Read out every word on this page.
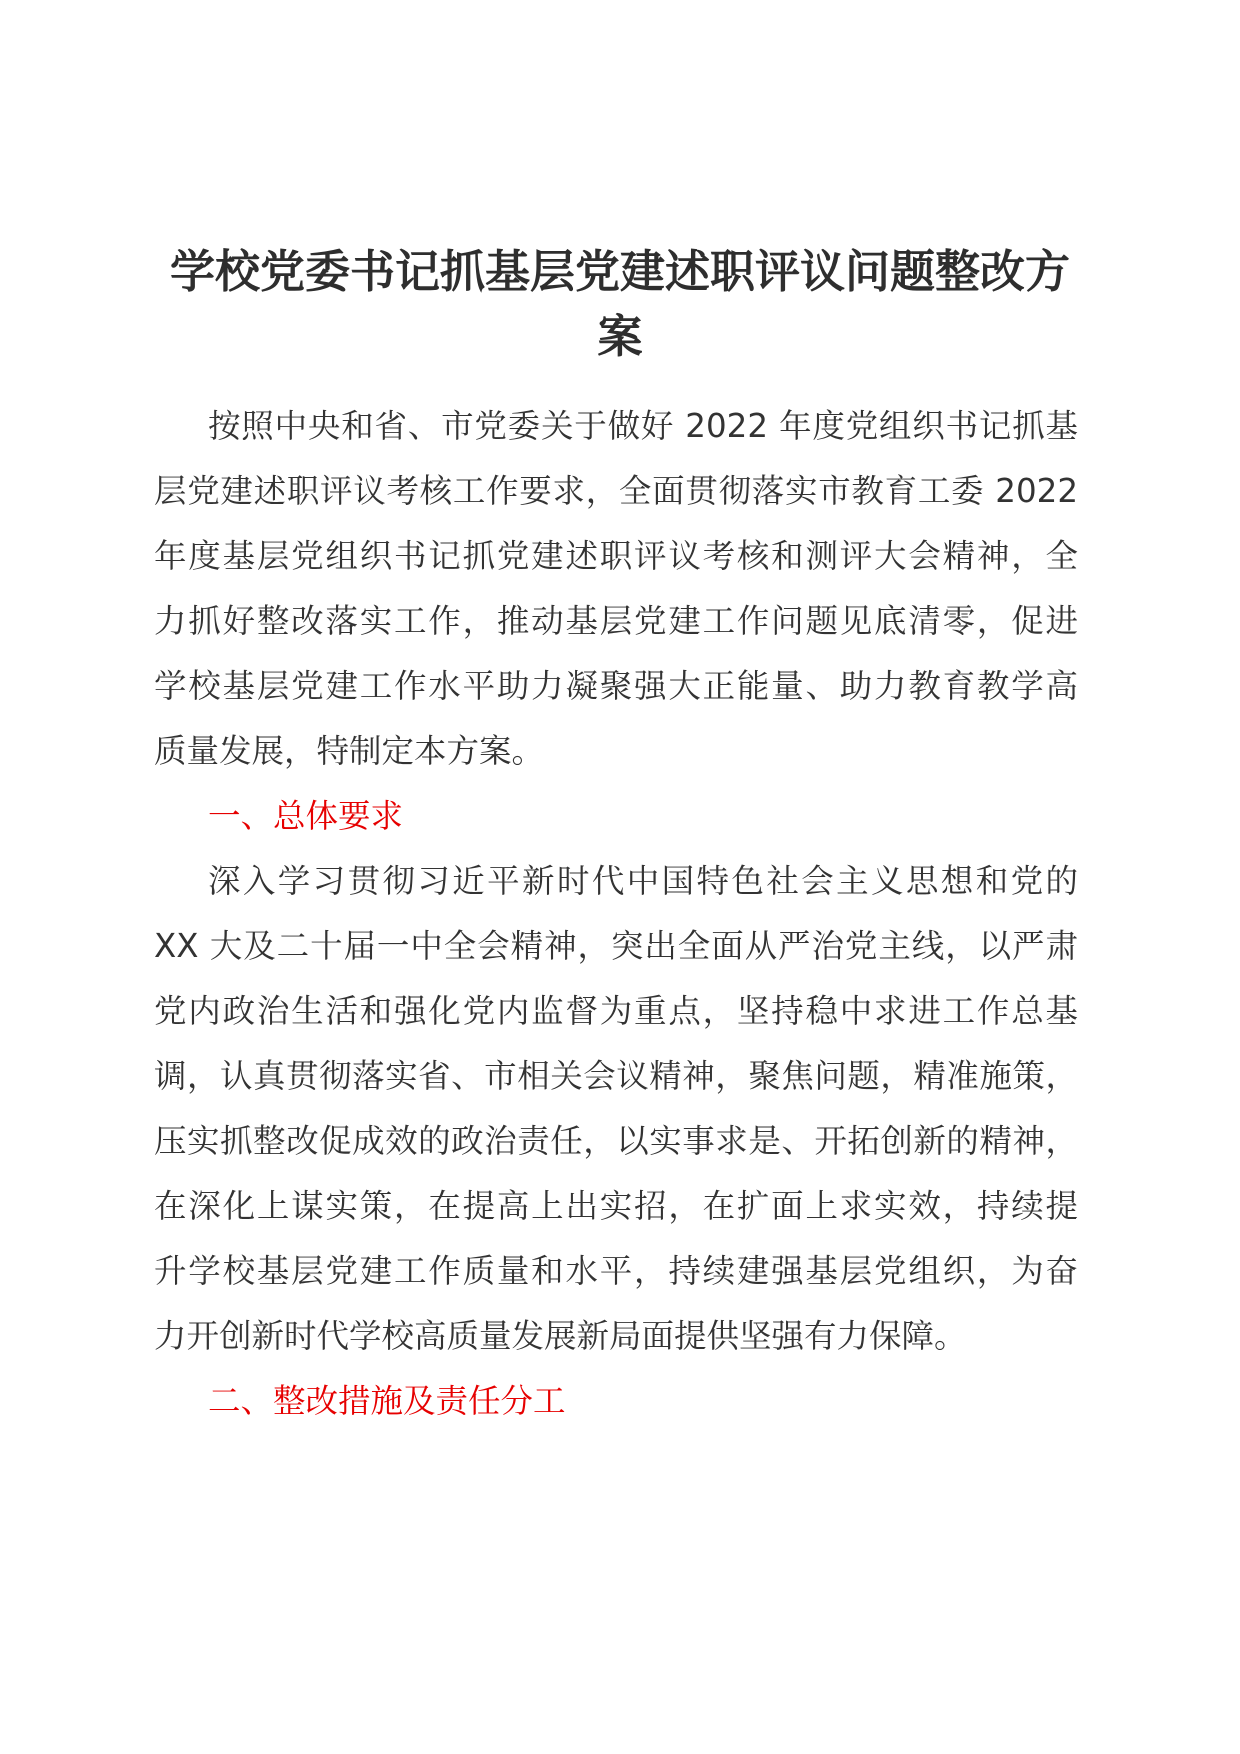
学校党委书记抓基层党建述职评议问题整改方
案
按照中央和省、市党委关于做好 2022 年度党组织书记抓基
层党建述职评议考核工作要求，全面贯彻落实市教育工委 2022
年度基层党组织书记抓党建述职评议考核和测评大会精神，全
力抓好整改落实工作，推动基层党建工作问题见底清零，促进
学校基层党建工作水平助力凝聚强大正能量、助力教育教学高
质量发展，特制定本方案。
一、总体要求
深入学习贯彻习近平新时代中国特色社会主义思想和党的
XX 大及二十届一中全会精神，突出全面从严治党主线，以严肃
党内政治生活和强化党内监督为重点，坚持稳中求进工作总基
调，认真贯彻落实省、市相关会议精神，聚焦问题，精准施策，
压实抓整改促成效的政治责任，以实事求是、开拓创新的精神，
在深化上谋实策，在提高上出实招，在扩面上求实效，持续提
升学校基层党建工作质量和水平，持续建强基层党组织，为奋
力开创新时代学校高质量发展新局面提供坚强有力保障。
二、整改措施及责任分工
